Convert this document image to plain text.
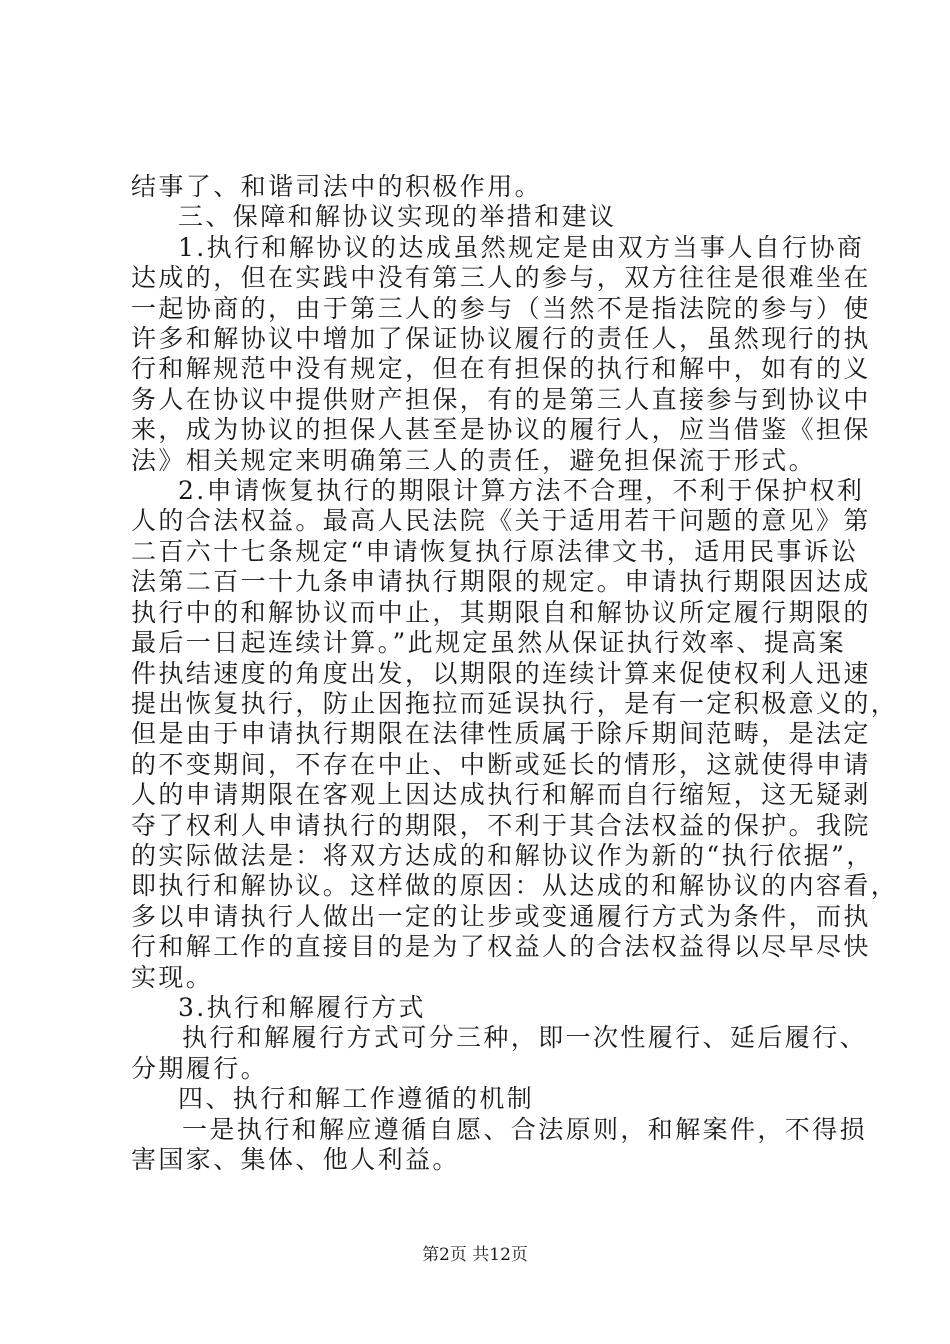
结事了、和谐司法中的积极作用。
三、保障和解协议实现的举措和建议
1.执行和解协议的达成虽然规定是由双方当事人自行协商
达成的，但在实践中没有第三人的参与，双方往往是很难坐在
一起协商的，由于第三人的参与（当然不是指法院的参与）使
许多和解协议中增加了保证协议履行的责任人，虽然现行的执
行和解规范中没有规定，但在有担保的执行和解中，如有的义
务人在协议中提供财产担保，有的是第三人直接参与到协议中
来，成为协议的担保人甚至是协议的履行人，应当借鉴《担保
法》相关规定来明确第三人的责任，避免担保流于形式。
2.申请恢复执行的期限计算方法不合理，不利于保护权利
人的合法权益。最高人民法院《关于适用若干问题的意见》第
二百六十七条规定“申请恢复执行原法律文书，适用民事诉讼
法第二百一十九条申请执行期限的规定。申请执行期限因达成
执行中的和解协议而中止，其期限自和解协议所定履行期限的
最后一日起连续计算。”此规定虽然从保证执行效率、提高案
件执结速度的角度出发，以期限的连续计算来促使权利人迅速
提出恢复执行，防止因拖拉而延误执行，是有一定积极意义的，
但是由于申请执行期限在法律性质属于除斥期间范畴，是法定
的不变期间，不存在中止、中断或延长的情形，这就使得申请
人的申请期限在客观上因达成执行和解而自行缩短，这无疑剥
夺了权利人申请执行的期限，不利于其合法权益的保护。我院
的实际做法是：将双方达成的和解协议作为新的“执行依据”，
即执行和解协议。这样做的原因：从达成的和解协议的内容看，
多以申请执行人做出一定的让步或变通履行方式为条件，而执
行和解工作的直接目的是为了权益人的合法权益得以尽早尽快
实现。
3.执行和解履行方式
执行和解履行方式可分三种，即一次性履行、延后履行、
分期履行。
四、执行和解工作遵循的机制
一是执行和解应遵循自愿、合法原则，和解案件，不得损
害国家、集体、他人利益。
第2页 共12页
